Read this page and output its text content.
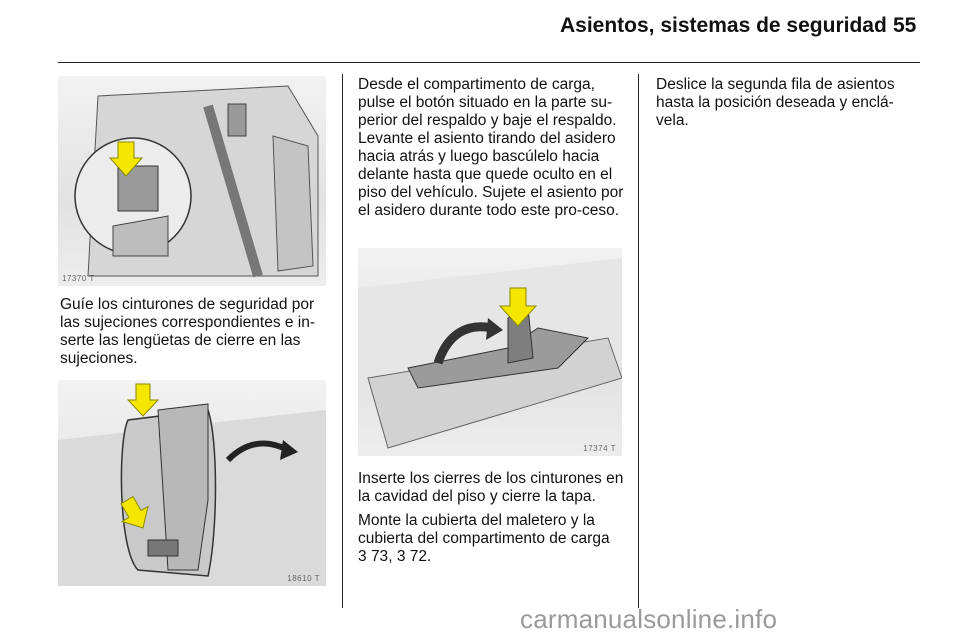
Asientos, sistemas de seguridad 55
17370 T

Guíe los cinturones de seguridad por las sujeciones correspondientes e in-serte las lengüetas de cierre en las sujeciones.

18610 T

Desde el compartimento de carga, pulse el botón situado en la parte su-perior del respaldo y baje el respaldo. Levante el asiento tirando del asidero hacia atrás y luego bascúlelo hacia delante hasta que quede oculto en el piso del vehículo. Sujete el asiento por el asidero durante todo este pro-ceso.

17374 T

Inserte los cierres de los cinturones en la cavidad del piso y cierre la tapa.

Monte la cubierta del maletero y la cubierta del compartimento de carga
3 73, 3 72.

Deslice la segunda fila de asientos hasta la posición deseada y enclá-vela.

carmanualsonline.info
